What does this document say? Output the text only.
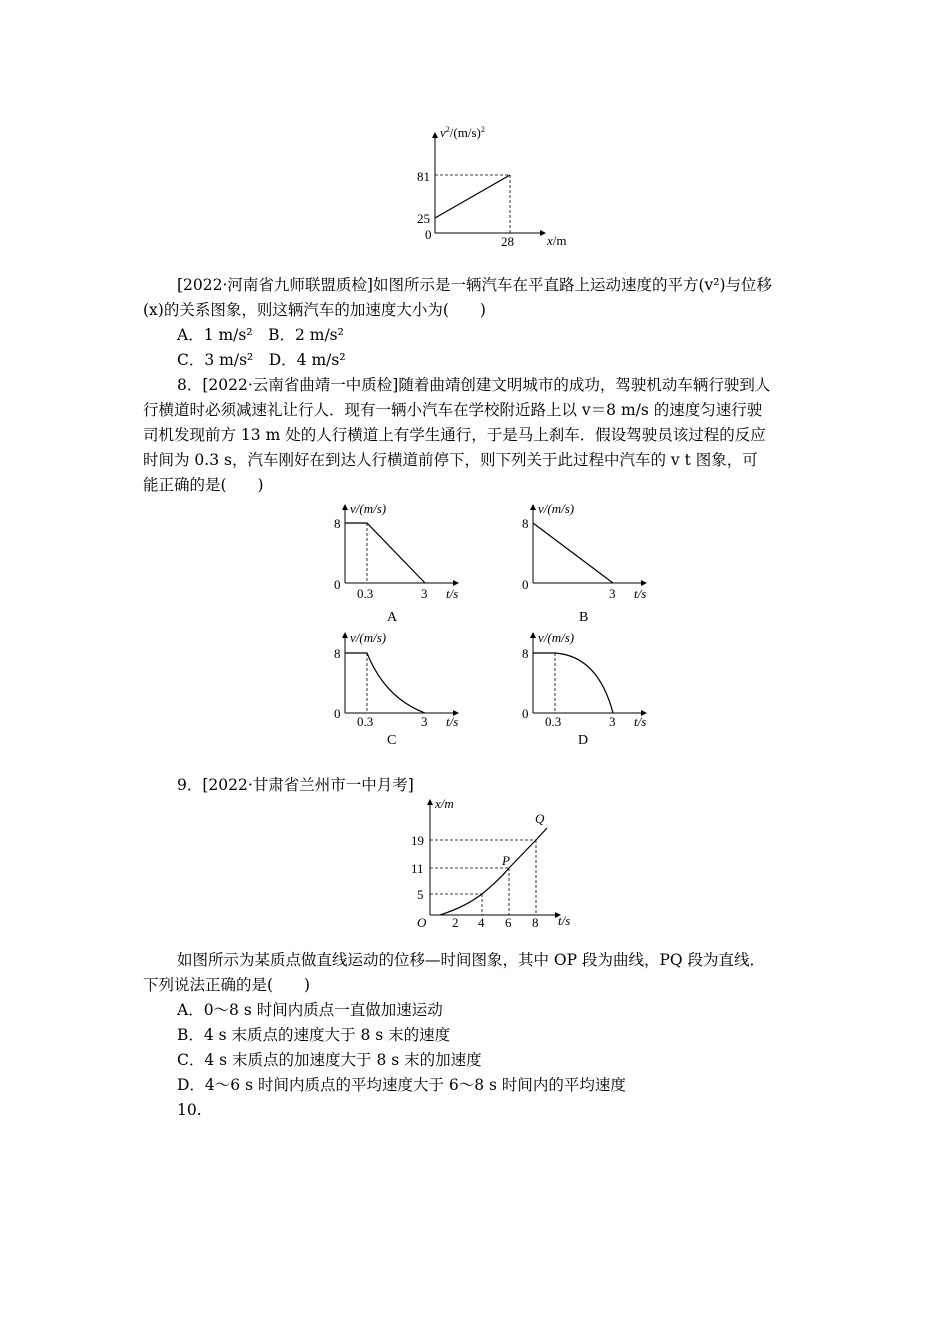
$v^2/(m/s)^2$
81
25
0	28	x/m
[2022·河南省九师联盟质检]如图所示是一辆汽车在平直路上运动速度的平方(v²)与位移
(x)的关系图象，则这辆汽车的加速度大小为(　　)
A．1 m/s²　B．2 m/s²
C．3 m/s²　D．4 m/s²
8．[2022·云南省曲靖一中质检]随着曲靖创建文明城市的成功，驾驶机动车辆行驶到人
行横道时必须减速礼让行人．现有一辆小汽车在学校附近路上以 v＝8 m/s 的速度匀速行驶
司机发现前方 13 m 处的人行横道上有学生通行，于是马上刹车．假设驾驶员该过程的反应
时间为 0.3 s，汽车刚好在到达人行横道前停下，则下列关于此过程中汽车的 v t 图象，可
能正确的是(　　)
v/(m/s)
8
0
0.3	3 t/s
A
v/(m/s)
8
0
3 t/s
B
v/(m/s)
8
0
0.3	3 t/s
C
v/(m/s)
8
0
0.3	3 t/s
D
9．[2022·甘肃省兰州市一中月考]
x/m
19
11
5
O 2 4 6 8 t/s
P
Q
如图所示为某质点做直线运动的位移—时间图象，其中 OP 段为曲线，PQ 段为直线．
下列说法正确的是(　　)
A．0～8 s 时间内质点一直做加速运动
B．4 s 末质点的速度大于 8 s 末的速度
C．4 s 末质点的加速度大于 8 s 末的加速度
D．4～6 s 时间内质点的平均速度大于 6～8 s 时间内的平均速度
10.
